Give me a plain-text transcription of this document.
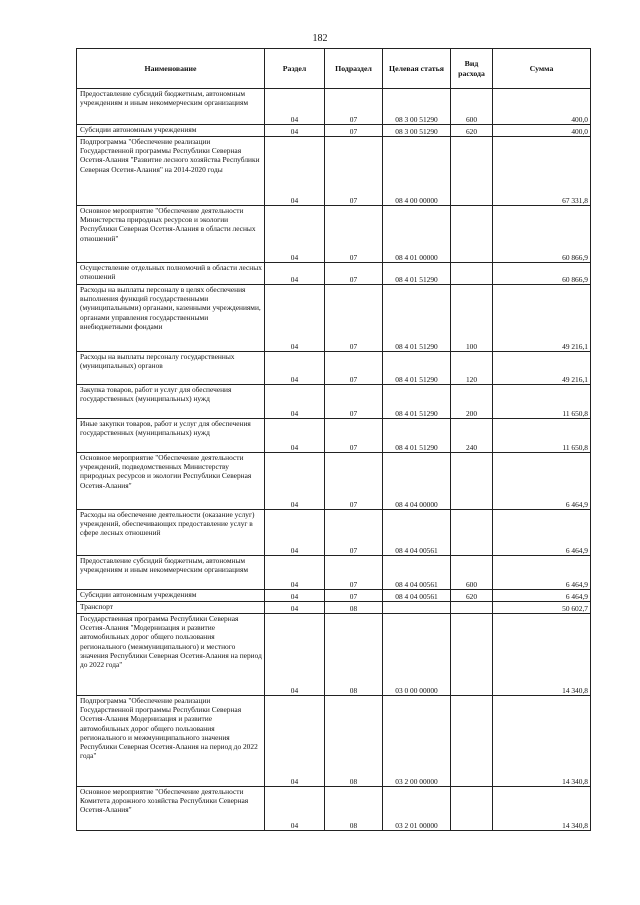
182
Наименование	Раздел	Подраздел	Целевая статья	Вид расхода	Сумма
Предоставление субсидий бюджетным, автономным учреждениям и иным некоммерческим организациям	04	07	08 3 00 51290	600	400,0
Субсидии автономным учреждениям	04	07	08 3 00 51290	620	400,0
Подпрограмма "Обеспечение реализации Государственной программы Республики Северная Осетия-Алания "Развитие лесного хозяйства Республики Северная Осетия-Алания" на 2014-2020 годы	04	07	08 4 00 00000		67 331,8
Основное мероприятие "Обеспечение деятельности Министерства природных ресурсов и экологии Республики Северная Осетия-Алания в области лесных отношений"	04	07	08 4 01 00000		60 866,9
Осуществление отдельных полномочий в области лесных отношений	04	07	08 4 01 51290		60 866,9
Расходы на выплаты персоналу в целях обеспечения выполнения функций государственными (муниципальными) органами, казенными учреждениями, органами управления государственными внебюджетными фондами	04	07	08 4 01 51290	100	49 216,1
Расходы на выплаты персоналу государственных (муниципальных) органов	04	07	08 4 01 51290	120	49 216,1
Закупка товаров, работ и услуг для обеспечения государственных (муниципальных) нужд	04	07	08 4 01 51290	200	11 650,8
Иные закупки товаров, работ и услуг для обеспечения государственных (муниципальных) нужд	04	07	08 4 01 51290	240	11 650,8
Основное мероприятие "Обеспечение деятельности учреждений, подведомственных Министерству природных ресурсов и экологии Республики Северная Осетия-Алания"	04	07	08 4 04 00000		6 464,9
Расходы на обеспечение деятельности (оказание услуг) учреждений, обеспечивающих предоставление услуг в сфере лесных отношений	04	07	08 4 04 00561		6 464,9
Предоставление субсидий бюджетным, автономным учреждениям и иным некоммерческим организациям	04	07	08 4 04 00561	600	6 464,9
Субсидии автономным учреждениям	04	07	08 4 04 00561	620	6 464,9
Транспорт	04	08			50 602,7
Государственная программа Республики Северная Осетия-Алания "Модернизация и развитие автомобильных дорог общего пользования регионального (межмуниципального) и местного значения Республики Северная Осетия-Алания на период до 2022 года"	04	08	03 0 00 00000		14 340,8
Подпрограмма "Обеспечение реализации Государственной программы Республики Северная Осетия-Алания Модернизация и развитие автомобильных дорог общего пользования регионального и межмуниципального значения Республики Северная Осетия-Алания на период до 2022 года"	04	08	03 2 00 00000		14 340,8
Основное мероприятие "Обеспечение деятельности Комитета дорожного хозяйства Республики Северная Осетия-Алания"	04	08	03 2 01 00000		14 340,8
